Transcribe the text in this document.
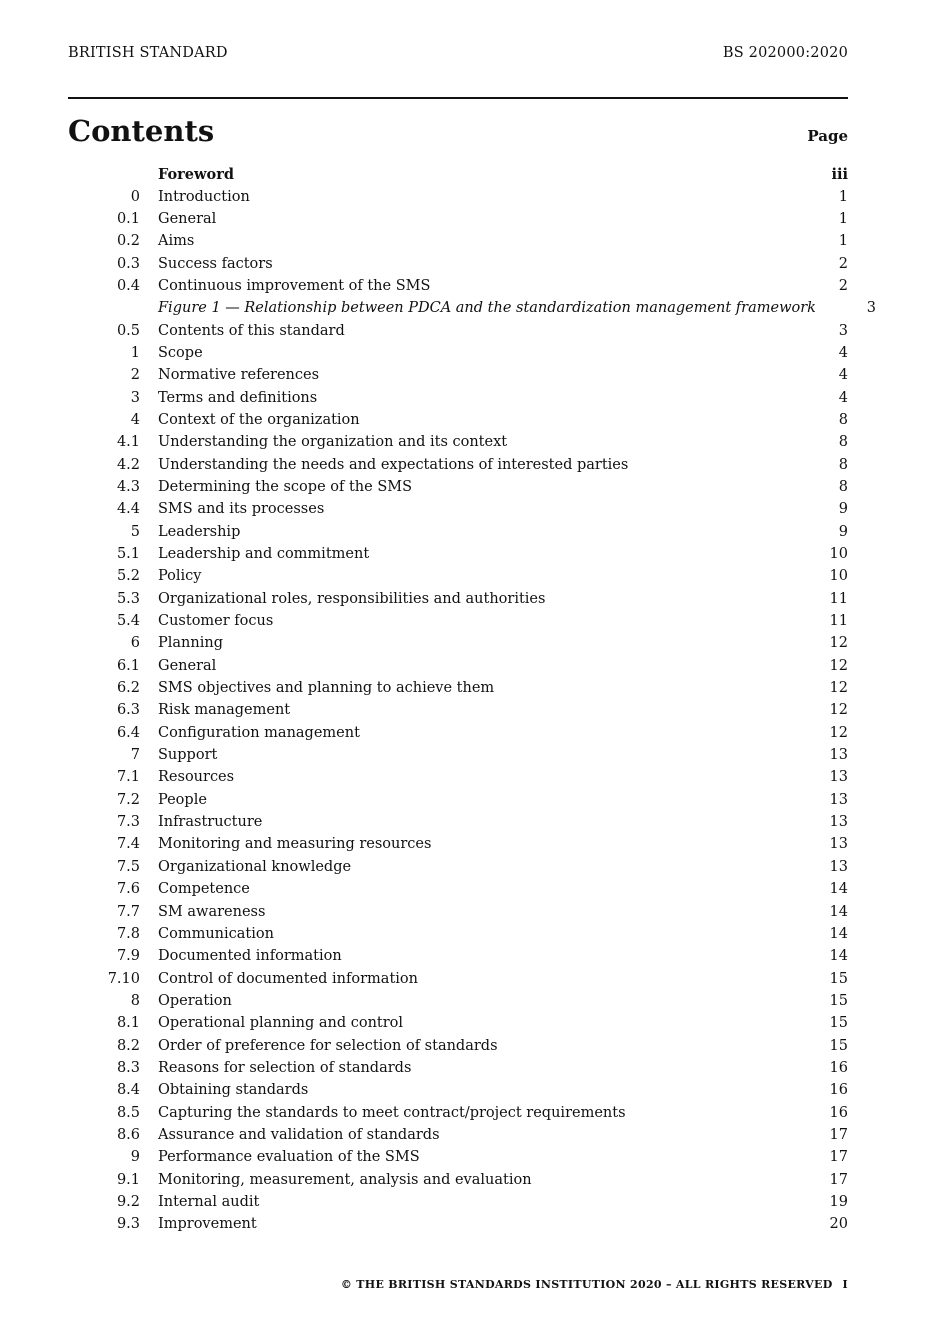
BRITISH STANDARD	BS 202000:2020
Contents	Page
Foreword	iii
0 Introduction	1
0.1 General	1
0.2 Aims	1
0.3 Success factors	2
0.4 Continuous improvement of the SMS	2
Figure 1 — Relationship between PDCA and the standardization management framework	3
0.5 Contents of this standard	3
1 Scope	4
2 Normative references	4
3 Terms and definitions	4
4 Context of the organization	8
4.1 Understanding the organization and its context	8
4.2 Understanding the needs and expectations of interested parties	8
4.3 Determining the scope of the SMS	8
4.4 SMS and its processes	9
5 Leadership	9
5.1 Leadership and commitment	10
5.2 Policy	10
5.3 Organizational roles, responsibilities and authorities	11
5.4 Customer focus	11
6 Planning	12
6.1 General	12
6.2 SMS objectives and planning to achieve them	12
6.3 Risk management	12
6.4 Configuration management	12
7 Support	13
7.1 Resources	13
7.2 People	13
7.3 Infrastructure	13
7.4 Monitoring and measuring resources	13
7.5 Organizational knowledge	13
7.6 Competence	14
7.7 SM awareness	14
7.8 Communication	14
7.9 Documented information	14
7.10 Control of documented information	15
8 Operation	15
8.1 Operational planning and control	15
8.2 Order of preference for selection of standards	15
8.3 Reasons for selection of standards	16
8.4 Obtaining standards	16
8.5 Capturing the standards to meet contract/project requirements	16
8.6 Assurance and validation of standards	17
9 Performance evaluation of the SMS	17
9.1 Monitoring, measurement, analysis and evaluation	17
9.2 Internal audit	19
9.3 Improvement	20
© THE BRITISH STANDARDS INSTITUTION 2020 – ALL RIGHTS RESERVED I
